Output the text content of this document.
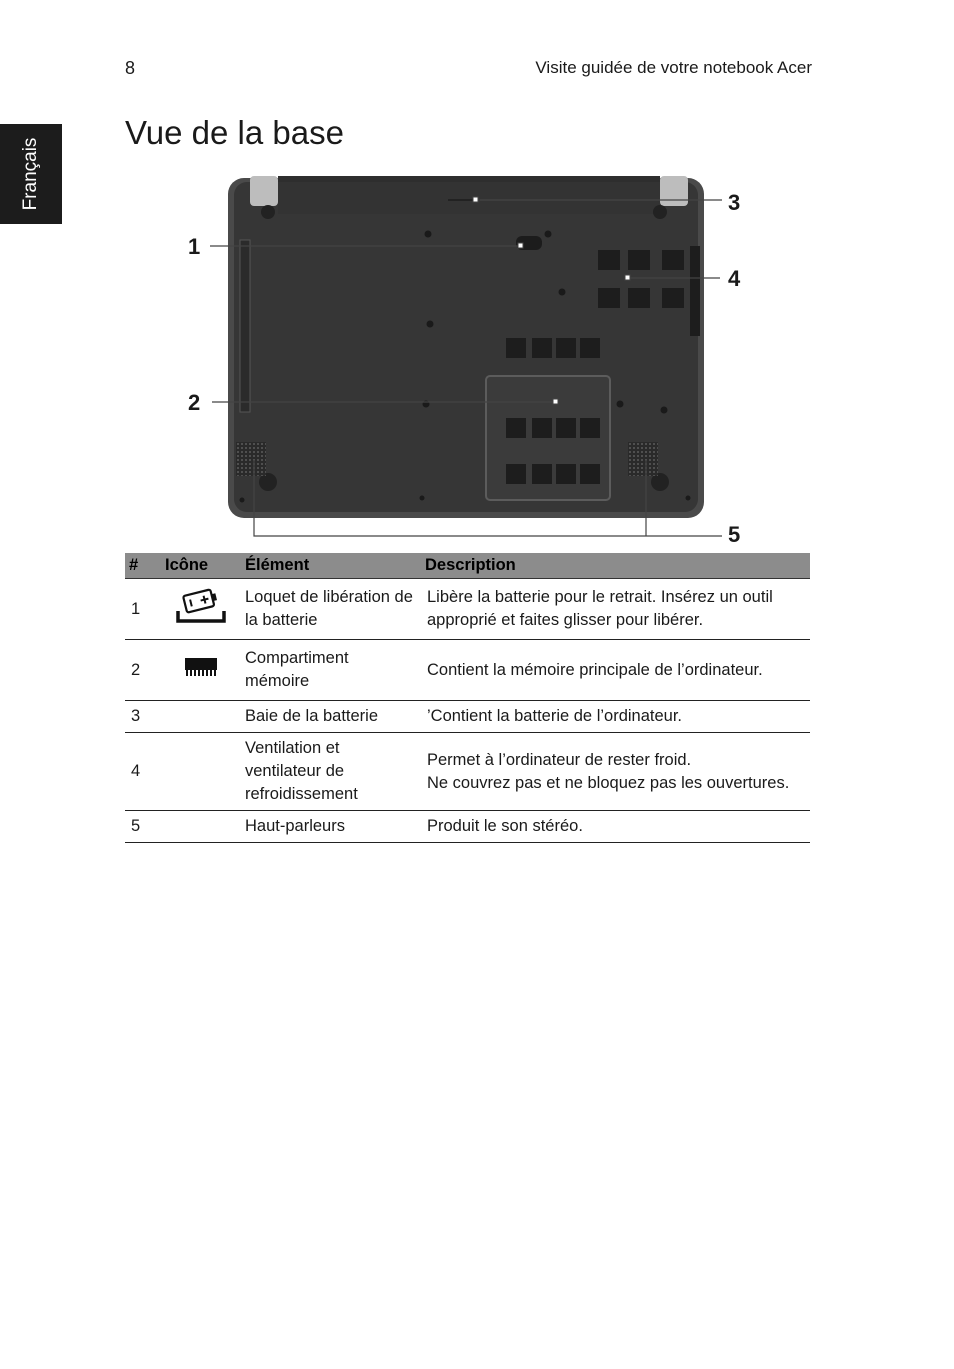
8	Visite guidée de votre notebook Acer
Français
Vue de la base
1
2
3
4
5
#	Icône	Élément	Description
1		Loquet de libération de la batterie	Libère la batterie pour le retrait. Insérez un outil approprié et faites glisser pour libérer.
2		Compartiment mémoire	Contient la mémoire principale de l’ordinateur.
3		Baie de la batterie	’Contient la batterie de l’ordinateur.
4		Ventilation et ventilateur de refroidissement	Permet à l’ordinateur de rester froid.
Ne couvrez pas et ne bloquez pas les ouvertures.
5		Haut-parleurs	Produit le son stéréo.
